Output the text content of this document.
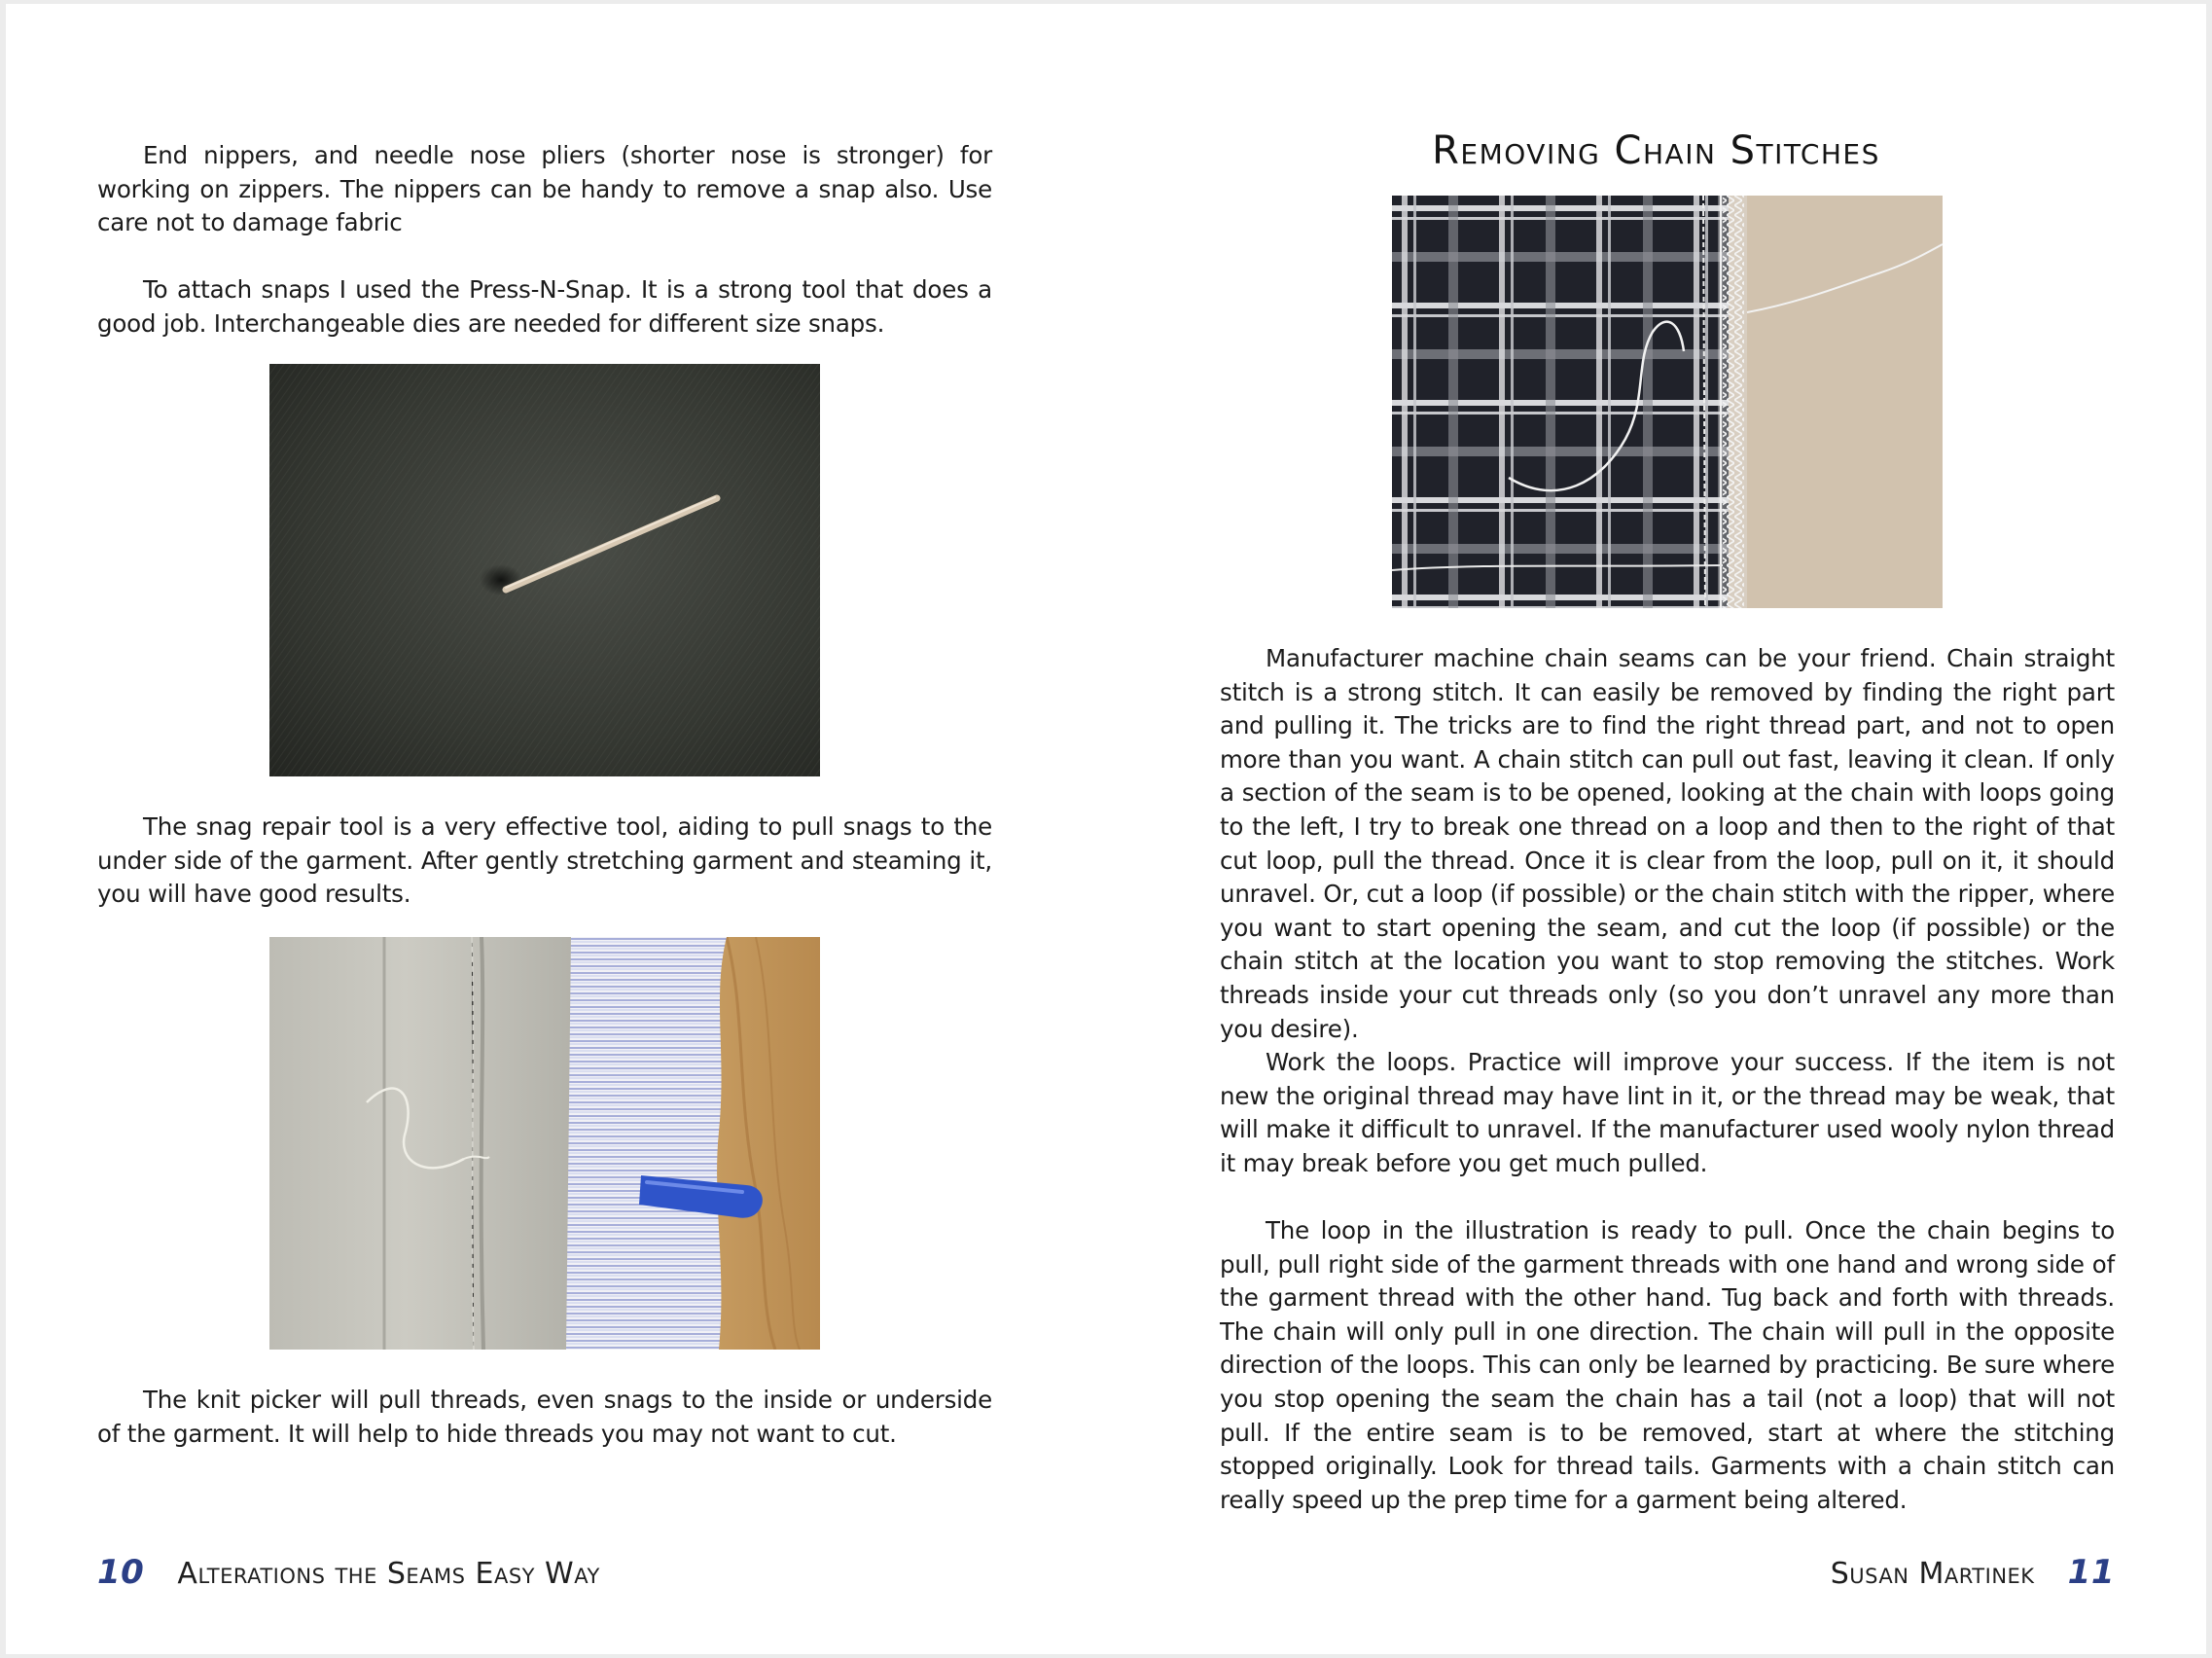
End nippers, and needle nose pliers (shorter nose is stronger) for working on zippers. The nippers can be handy to remove a snap also. Use care not to damage fabric

To attach snaps I used the Press-N-Snap. It is a strong tool that does a good job. Interchangeable dies are needed for different size snaps.

The snag repair tool is a very effective tool, aiding to pull snags to the under side of the garment. After gently stretching garment and steaming it, you will have good results.

The knit picker will pull threads, even snags to the inside or underside of the garment. It will help to hide threads you may not want to cut.

10 Alterations the Seams Easy Way
Removing Chain Stitches

Manufacturer machine chain seams can be your friend. Chain straight stitch is a strong stitch. It can easily be removed by finding the right part and pulling it. The tricks are to find the right thread part, and not to open more than you want. A chain stitch can pull out fast, leaving it clean. If only a section of the seam is to be opened, looking at the chain with loops going to the left, I try to break one thread on a loop and then to the right of that cut loop, pull the thread. Once it is clear from the loop, pull on it, it should unravel. Or, cut a loop (if possible) or the chain stitch with the ripper, where you want to start opening the seam, and cut the loop (if possible) or the chain stitch at the location you want to stop removing the stitches. Work threads inside your cut threads only (so you don’t unravel any more than you desire).

Work the loops. Practice will improve your success. If the item is not new the original thread may have lint in it, or the thread may be weak, that will make it difficult to unravel. If the manufacturer used wooly nylon thread it may break before you get much pulled.

The loop in the illustration is ready to pull. Once the chain begins to pull, pull right side of the garment threads with one hand and wrong side of the garment thread with the other hand. Tug back and forth with threads. The chain will only pull in one direction. The chain will pull in the opposite direction of the loops. This can only be learned by practicing. Be sure where you stop opening the seam the chain has a tail (not a loop) that will not pull. If the entire seam is to be removed, start at where the stitching stopped originally. Look for thread tails. Garments with a chain stitch can really speed up the prep time for a garment being altered.

Susan Martinek 11
